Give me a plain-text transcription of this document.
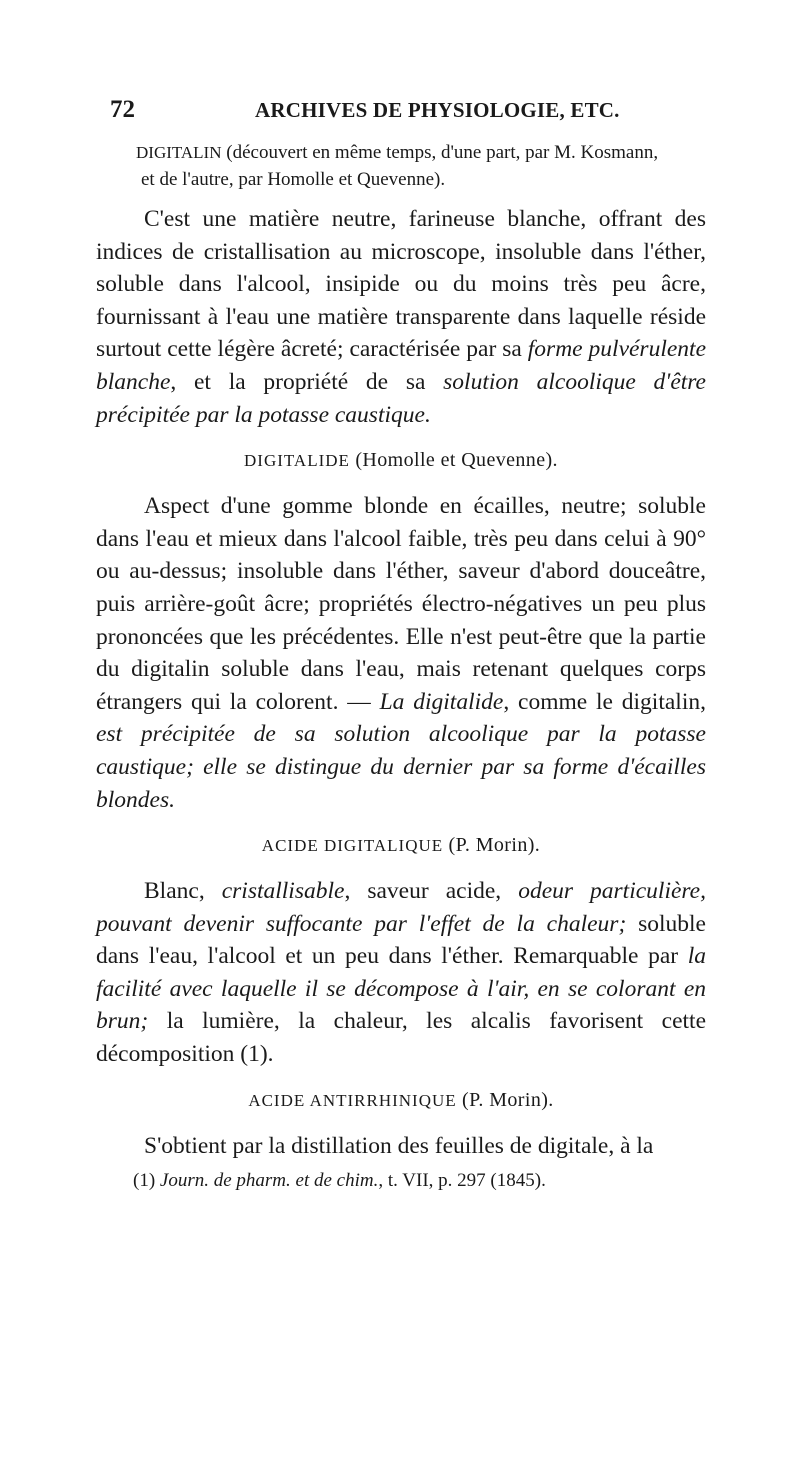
72	ARCHIVES DE PHYSIOLOGIE, ETC.
DIGITALIN (découvert en même temps, d'une part, par M. Kosmann,
et de l'autre, par Homolle et Quevenne).

C'est une matière neutre, farineuse blanche, offrant des indices de cristallisation au microscope, insoluble dans l'éther, soluble dans l'alcool, insipide ou du moins très peu âcre, fournissant à l'eau une matière transparente dans laquelle réside surtout cette légère âcreté; caractérisée par sa forme pulvérulente blanche, et la propriété de sa solution alcoolique d'être précipitée par la potasse caustique.

DIGITALIDE (Homolle et Quevenne).

Aspect d'une gomme blonde en écailles, neutre; soluble dans l'eau et mieux dans l'alcool faible, très peu dans celui à 90° ou au-dessus; insoluble dans l'éther, saveur d'abord douceâtre, puis arrière-goût âcre; propriétés électro-négatives un peu plus prononcées que les précédentes. Elle n'est peut-être que la partie du digitalin soluble dans l'eau, mais retenant quelques corps étrangers qui la colorent. — La digitalide, comme le digitalin, est précipitée de sa solution alcoolique par la potasse caustique; elle se distingue du dernier par sa forme d'écailles blondes.

ACIDE DIGITALIQUE (P. Morin).

Blanc, cristallisable, saveur acide, odeur particulière, pouvant devenir suffocante par l'effet de la chaleur; soluble dans l'eau, l'alcool et un peu dans l'éther. Remarquable par la facilité avec laquelle il se décompose à l'air, en se colorant en brun; la lumière, la chaleur, les alcalis favorisent cette décomposition (1).

ACIDE ANTIRRHINIQUE (P. Morin).

S'obtient par la distillation des feuilles de digitale, à la

(1) Journ. de pharm. et de chim., t. VII, p. 297 (1845).
